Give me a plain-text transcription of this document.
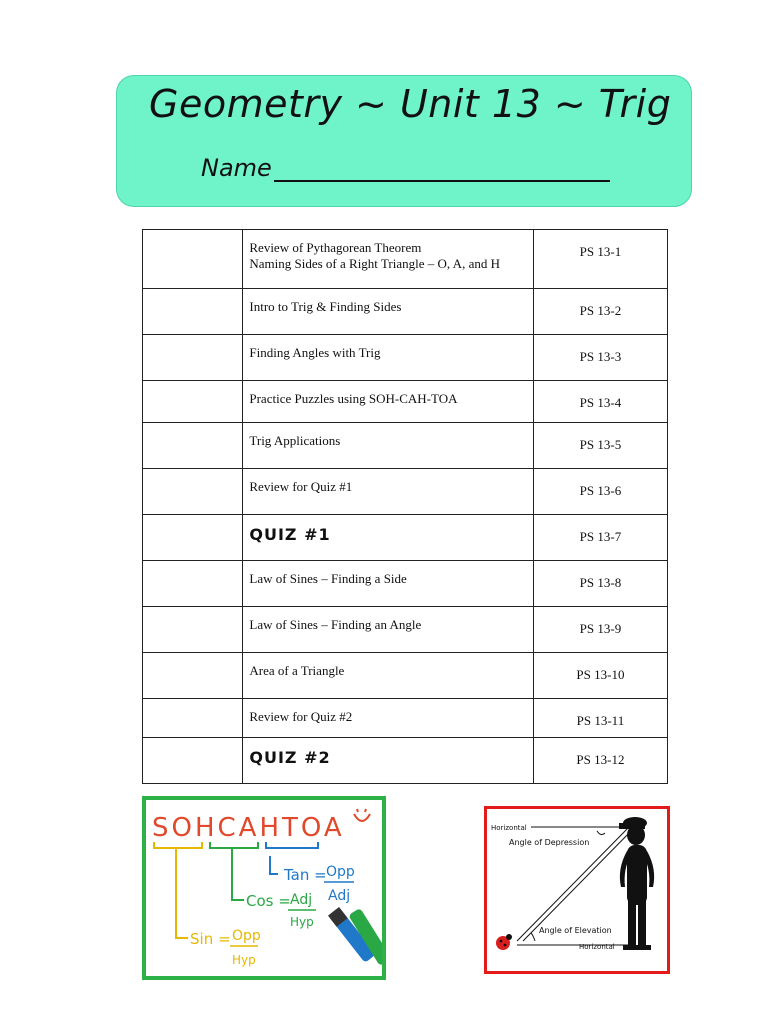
Geometry ~ Unit 13 ~ Trig
Name

	Review of Pythagorean Theorem
Naming Sides of a Right Triangle – O, A, and H	PS 13-1

	Intro to Trig & Finding Sides	PS 13-2

	Finding Angles with Trig	PS 13-3

	Practice Puzzles using SOH-CAH-TOA	PS 13-4

	Trig Applications	PS 13-5

	Review for Quiz #1	PS 13-6

	QUIZ #1	PS 13-7

	Law of Sines – Finding a Side	PS 13-8

	Law of Sines – Finding an Angle	PS 13-9

	Area of a Triangle	PS 13-10

	Review for Quiz #2	PS 13-11

	QUIZ #2	PS 13-12
SOHCAHTOA
Tan = Opp
Adj
Cos = Adj
Hyp
Sin = Opp
Hyp
Horizontal
Horizontal
Angle of Depression
Angle of Elevation
